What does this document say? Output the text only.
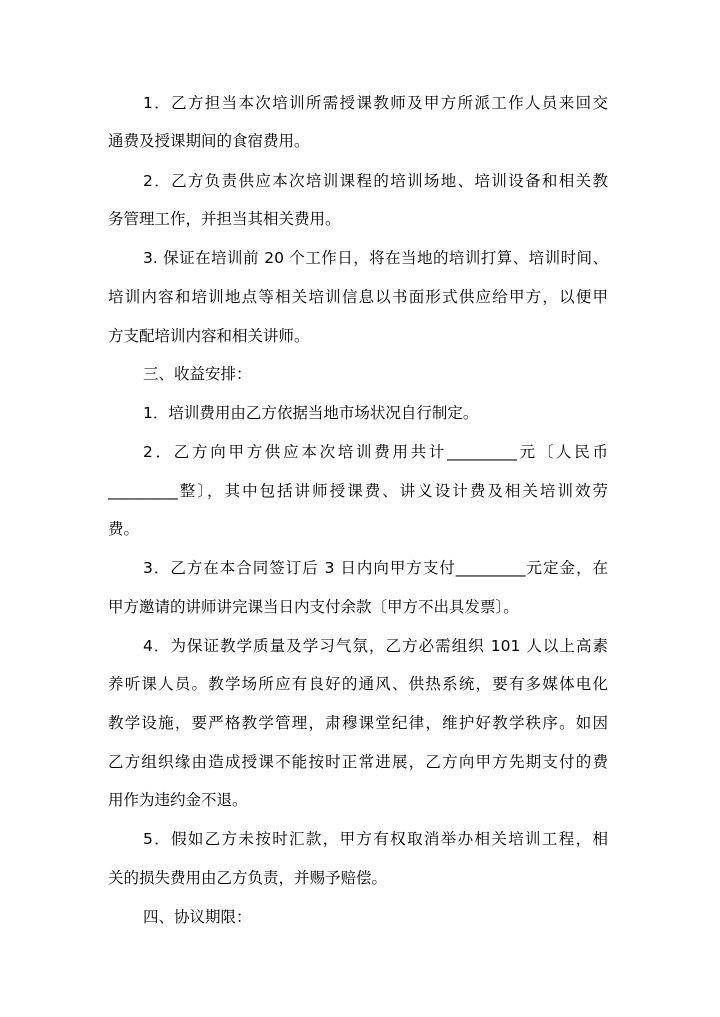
1．乙方担当本次培训所需授课教师及甲方所派工作人员来回交
通费及授课期间的食宿费用。
2．乙方负责供应本次培训课程的培训场地、培训设备和相关教
务管理工作，并担当其相关费用。
3. 保证在培训前 20 个工作日，将在当地的培训打算、培训时间、
培训内容和培训地点等相关培训信息以书面形式供应给甲方，以便甲
方支配培训内容和相关讲师。
三、收益安排：
1．培训费用由乙方依据当地市场状况自行制定。
2．乙方向甲方供应本次培训费用共计_________元〔人民币
_________整〕，其中包括讲师授课费、讲义设计费及相关培训效劳
费。
3．乙方在本合同签订后 3 日内向甲方支付_________元定金，在
甲方邀请的讲师讲完课当日内支付余款〔甲方不出具发票〕。
4．为保证教学质量及学习气氛，乙方必需组织 101 人以上高素
养听课人员。教学场所应有良好的通风、供热系统，要有多媒体电化
教学设施，要严格教学管理，肃穆课堂纪律，维护好教学秩序。如因
乙方组织缘由造成授课不能按时正常进展，乙方向甲方先期支付的费
用作为违约金不退。
5．假如乙方未按时汇款，甲方有权取消举办相关培训工程，相
关的损失费用由乙方负责，并赐予赔偿。
四、协议期限：
